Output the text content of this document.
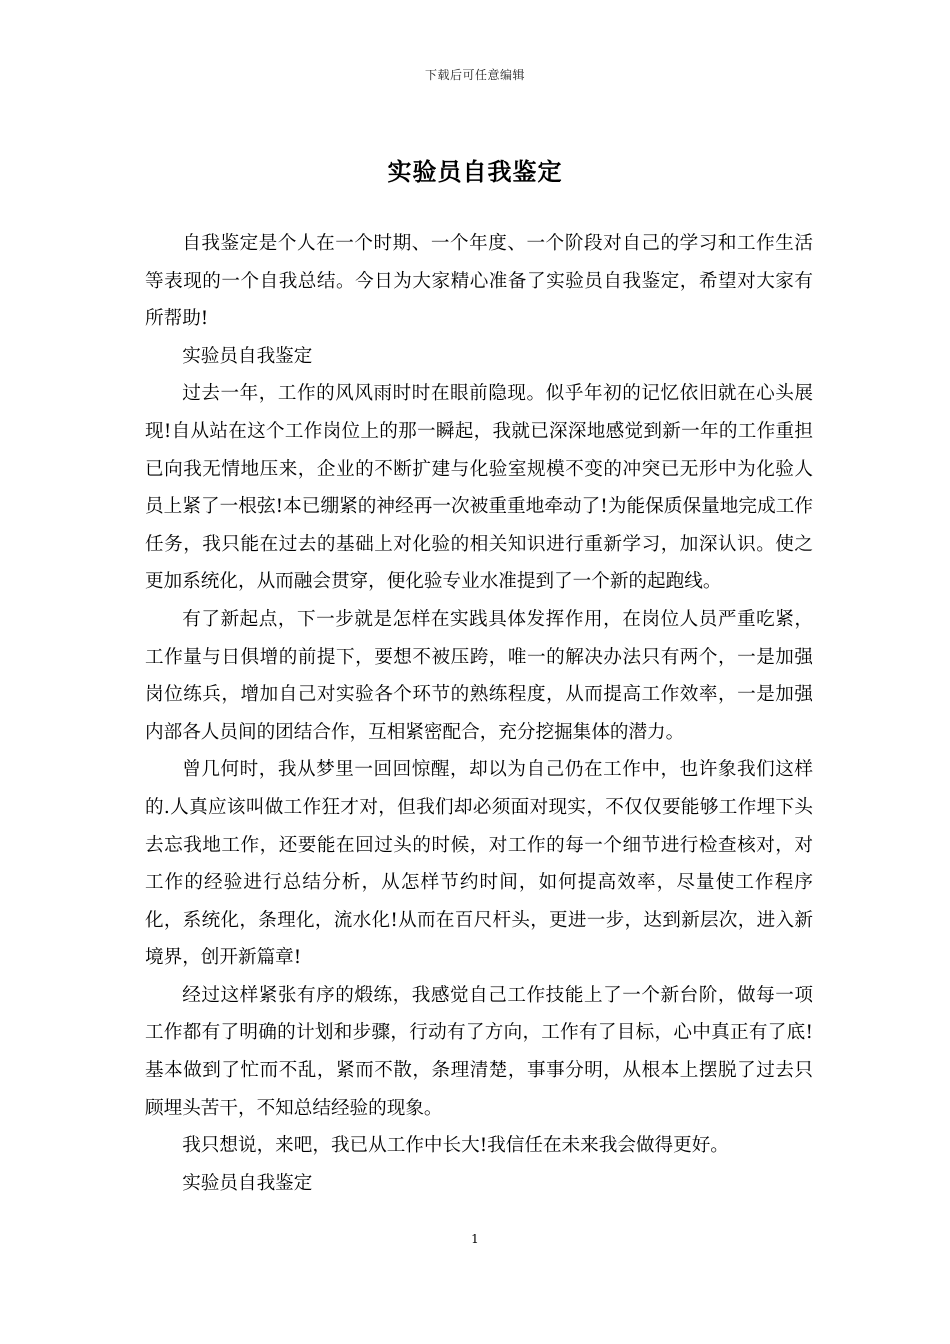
下载后可任意编辑
实验员自我鉴定

自我鉴定是个人在一个时期、一个年度、一个阶段对自己的学习和工作生活等表现的一个自我总结。今日为大家精心准备了实验员自我鉴定，希望对大家有所帮助!

实验员自我鉴定

过去一年，工作的风风雨时时在眼前隐现。似乎年初的记忆依旧就在心头展现!自从站在这个工作岗位上的那一瞬起，我就已深深地感觉到新一年的工作重担已向我无情地压来，企业的不断扩建与化验室规模不变的冲突已无形中为化验人员上紧了一根弦!本已绷紧的神经再一次被重重地牵动了!为能保质保量地完成工作任务，我只能在过去的基础上对化验的相关知识进行重新学习，加深认识。使之更加系统化，从而融会贯穿，便化验专业水准提到了一个新的起跑线。

有了新起点，下一步就是怎样在实践具体发挥作用，在岗位人员严重吃紧，工作量与日俱增的前提下，要想不被压跨，唯一的解决办法只有两个，一是加强岗位练兵，增加自己对实验各个环节的熟练程度，从而提高工作效率，一是加强内部各人员间的团结合作，互相紧密配合，充分挖掘集体的潜力。

曾几何时，我从梦里一回回惊醒，却以为自己仍在工作中，也许象我们这样的.人真应该叫做工作狂才对，但我们却必须面对现实，不仅仅要能够工作埋下头去忘我地工作，还要能在回过头的时候，对工作的每一个细节进行检查核对，对工作的经验进行总结分析，从怎样节约时间，如何提高效率，尽量使工作程序化，系统化，条理化，流水化!从而在百尺杆头，更进一步，达到新层次，进入新境界，创开新篇章!

经过这样紧张有序的煅练，我感觉自己工作技能上了一个新台阶，做每一项工作都有了明确的计划和步骤，行动有了方向，工作有了目标，心中真正有了底!基本做到了忙而不乱，紧而不散，条理清楚，事事分明，从根本上摆脱了过去只顾埋头苦干，不知总结经验的现象。

我只想说，来吧，我已从工作中长大!我信任在未来我会做得更好。

实验员自我鉴定

1
